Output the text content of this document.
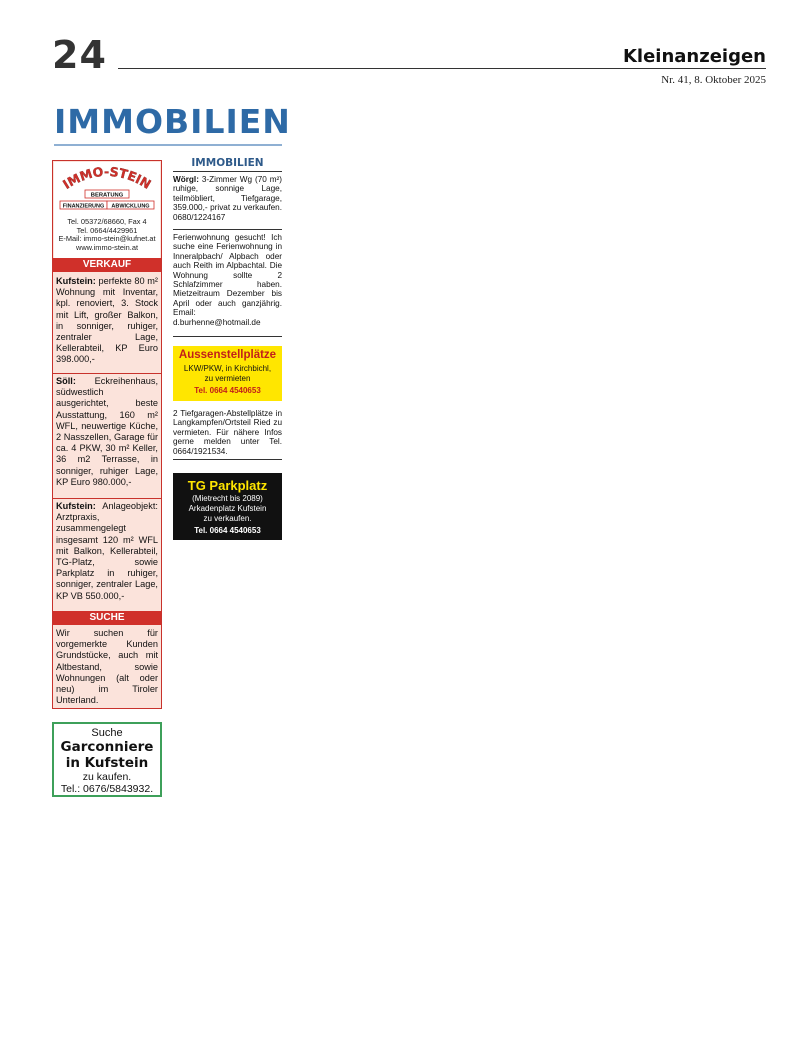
24	Kleinanzeigen
Nr. 41, 8. Oktober 2025
IMMOBILIEN
IMMO-STEIN
BERATUNG
FINANZIERUNG ABWICKLUNG
Tel. 05372/68660, Fax 4
Tel. 0664/4429961
E-Mail: immo-stein@kufnet.at
www.immo-stein.at
VERKAUF
Kufstein: perfekte 80 m² Wohnung mit Inventar, kpl. renoviert, 3. Stock mit Lift, großer Balkon, in sonniger, ruhiger, zentraler Lage, Kellerabteil, KP Euro 398.000,-
Söll: Eckreihenhaus, südwestlich ausgerichtet, beste Ausstattung, 160 m² WFL, neuwertige Küche, 2 Nasszellen, Garage für ca. 4 PKW, 30 m² Keller, 36 m2 Terrasse, in sonniger, ruhiger Lage, KP Euro 980.000,-
Kufstein: Anlageobjekt: Arztpraxis, zusammengelegt insgesamt 120 m² WFL mit Balkon, Kellerabteil, TG-Platz, sowie Parkplatz in ruhiger, sonniger, zentraler Lage, KP VB 550.000,-
SUCHE
Wir suchen für vorgemerkte Kunden Grundstücke, auch mit Altbestand, sowie Wohnungen (alt oder neu) im Tiroler Unterland.
Suche
Garconniere
in Kufstein
zu kaufen.
Tel.: 0676/5843932.
IMMOBILIEN
Wörgl: 3-Zimmer Wg (70 m²) ruhige, sonnige Lage, teilmöbliert, Tiefgarage, 359.000,- privat zu verkaufen. 0680/1224167
Ferienwohnung gesucht! Ich suche eine Ferienwohnung in Inneralpbach/ Alpbach oder auch Reith im Alpbachtal. Die Wohnung sollte 2 Schlafzimmer haben. Mietzeitraum Dezember bis April oder auch ganzjährig. Email: d.burhenne@hotmail.de
Aussenstellplätze
LKW/PKW, in Kirchbichl,
zu vermieten
Tel. 0664 4540653
2 Tiefgaragen-Abstellplätze in Langkampfen/Ortsteil Ried zu vermieten. Für nähere Infos gerne melden unter Tel. 0664/1921534.
TG Parkplatz
(Mietrecht bis 2089)
Arkadenplatz Kufstein
zu verkaufen.
Tel. 0664 4540653
